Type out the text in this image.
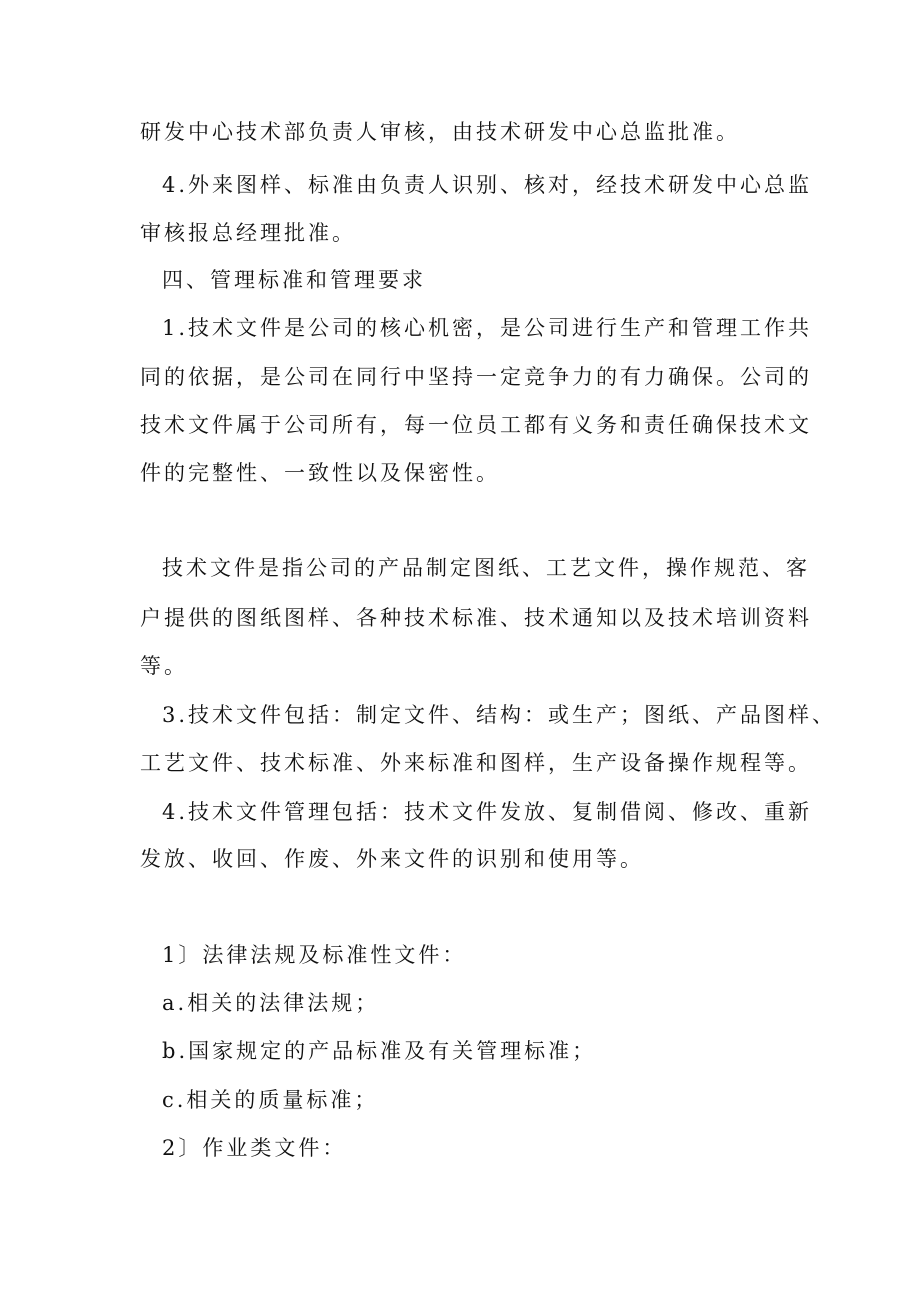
研发中心技术部负责人审核，由技术研发中心总监批准。
4.外来图样、标准由负责人识别、核对，经技术研发中心总监
审核报总经理批准。
四、管理标准和管理要求
1.技术文件是公司的核心机密，是公司进行生产和管理工作共
同的依据，是公司在同行中坚持一定竞争力的有力确保。公司的
技术文件属于公司所有，每一位员工都有义务和责任确保技术文
件的完整性、一致性以及保密性。
技术文件是指公司的产品制定图纸、工艺文件，操作规范、客
户提供的图纸图样、各种技术标准、技术通知以及技术培训资料
等。
3.技术文件包括：制定文件、结构：或生产；图纸、产品图样、
工艺文件、技术标准、外来标准和图样，生产设备操作规程等。
4.技术文件管理包括：技术文件发放、复制借阅、修改、重新
发放、收回、作废、外来文件的识别和使用等。
1〕法律法规及标准性文件：
a.相关的法律法规；
b.国家规定的产品标准及有关管理标准；
c.相关的质量标准；
2〕作业类文件：
